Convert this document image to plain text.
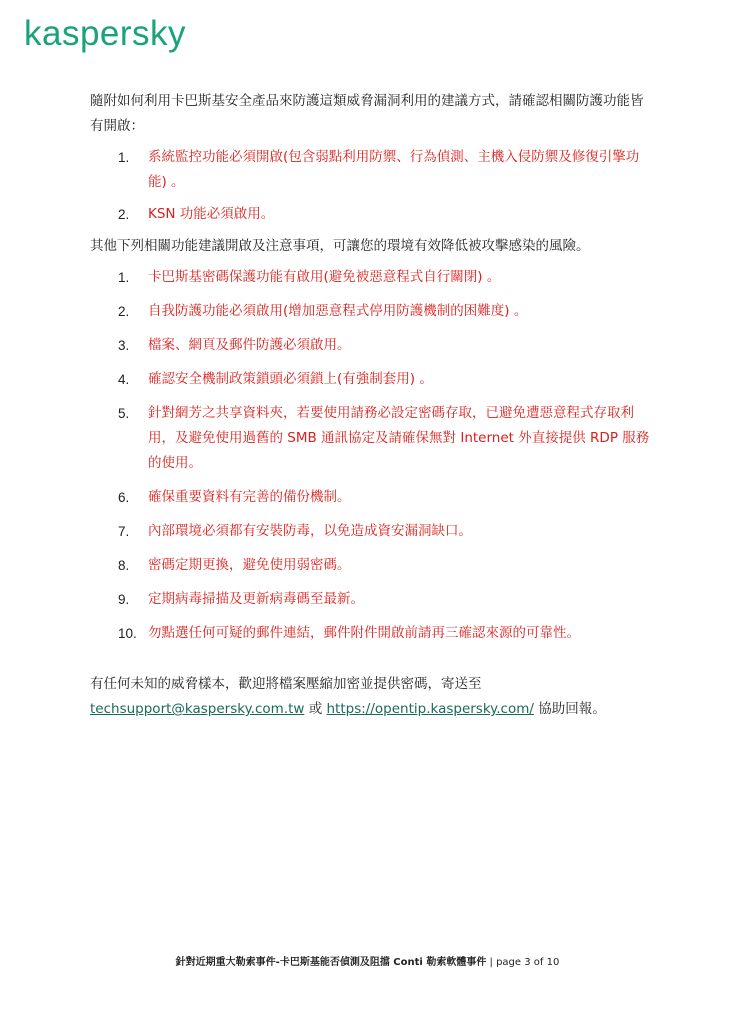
kaspersky

隨附如何利用卡巴斯基安全產品來防護這類威脅漏洞利用的建議方式，請確認相關防護功能皆有開啟：

1. 系統監控功能必須開啟(包含弱點利用防禦、行為偵測、主機入侵防禦及修復引擎功能) 。
2. KSN 功能必須啟用。

其他下列相關功能建議開啟及注意事項，可讓您的環境有效降低被攻擊感染的風險。

1. 卡巴斯基密碼保護功能有啟用(避免被惡意程式自行關閉) 。
2. 自我防護功能必須啟用(增加惡意程式停用防護機制的困難度) 。
3. 檔案、網頁及郵件防護必須啟用。
4. 確認安全機制政策鎖頭必須鎖上(有強制套用) 。
5. 針對網芳之共享資料夾，若要使用請務必設定密碼存取，已避免遭惡意程式存取利用，及避免使用過舊的 SMB 通訊協定及請確保無對 Internet 外直接提供 RDP 服務的使用。
6. 確保重要資料有完善的備份機制。
7. 內部環境必須都有安裝防毒，以免造成資安漏洞缺口。
8. 密碼定期更換，避免使用弱密碼。
9. 定期病毒掃描及更新病毒碼至最新。
10. 勿點選任何可疑的郵件連結，郵件附件開啟前請再三確認來源的可靠性。

有任何未知的威脅樣本，歡迎將檔案壓縮加密並提供密碼，寄送至
techsupport@kaspersky.com.tw 或 https://opentip.kaspersky.com/ 協助回報。

針對近期重大勒索事件-卡巴斯基能否偵測及阻擋 Conti 勒索軟體事件 | page 3 of 10
